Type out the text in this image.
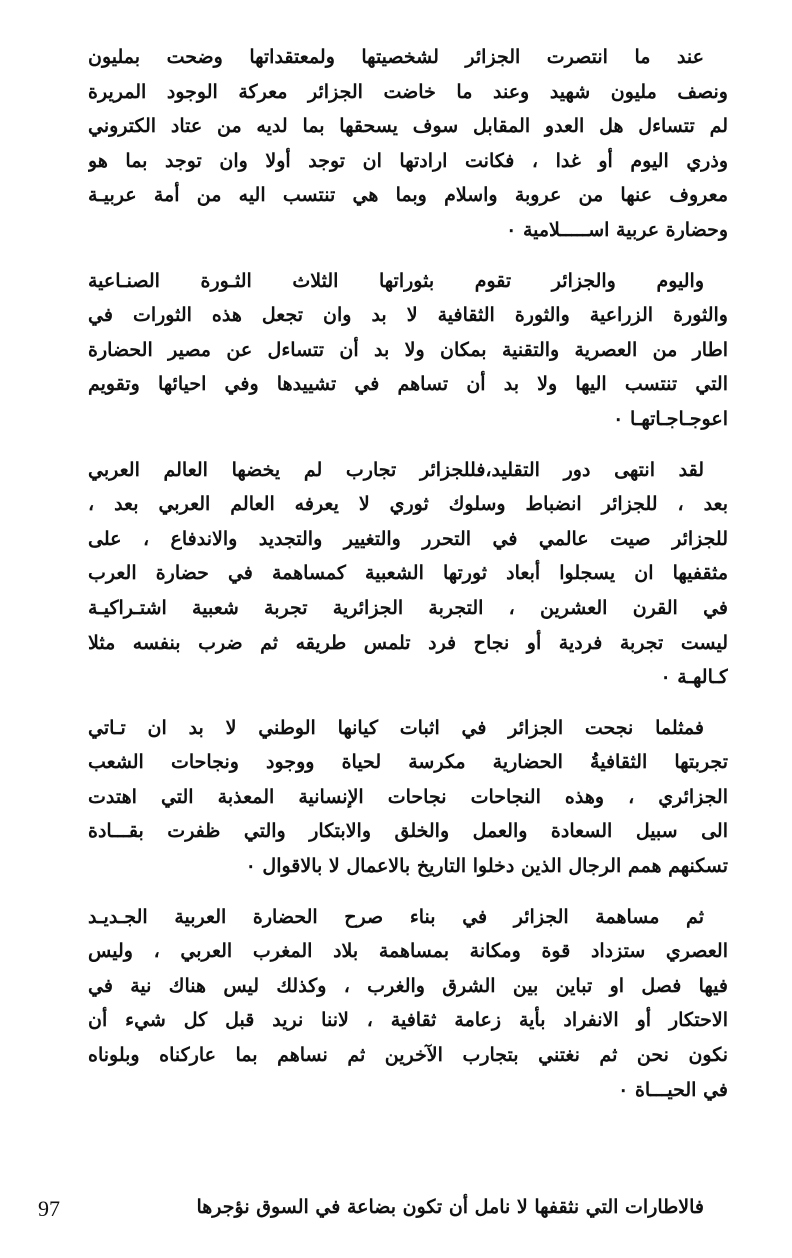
عند ما انتصرت الجزائر لشخصيتها ولمعتقداتها وضحت بمليون
ونصف مليون شهيد وعند ما خاضت الجزائر معركة الوجود المريرة
لم تتساءل هل العدو المقابل سوف يسحقها بما لديه من عتاد الكتروني
وذري اليوم أو غدا ، فكانت ارادتها ان توجد أولا وان توجد بما هو
معروف عنها من عروبة واسلام وبما هي تنتسب اليه من أمة عربيـة
وحضارة عربية اســـــلامية ٠
واليوم والجزائر تقوم بثوراتها الثلاث الثـورة الصنـاعية
والثورة الزراعية والثورة الثقافية لا بد وان تجعل هذه الثورات في
اطار من العصرية والتقنية بمكان ولا بد أن تتساءل عن مصير الحضارة
التي تنتسب اليها ولا بد أن تساهم في تشييدها وفي احيائها وتقويم
اعوجـاجـاتهـا ٠
لقد انتهى دور التقليد،فللجزائر تجارب لم يخضها العالم العربي
بعد ، للجزائر انضباط وسلوك ثوري لا يعرفه العالم العربي بعد ،
للجزائر صيت عالمي في التحرر والتغيير والتجديد والاندفاع ، على
مثقفيها ان يسجلوا أبعاد ثورتها الشعبية كمساهمة في حضارة العرب
في القرن العشرين ، التجربة الجزائرية تجربة شعبية اشتـراكيـة
ليست تجربة فردية أو نجاح فرد تلمس طريقه ثم ضرب بنفسه مثلا
كـالهـة ٠
فمثلما نجحت الجزائر في اثبات كيانها الوطني لا بد ان تـاتي
تجربتها الثقافيةُ الحضارية مكرسة لحياة ووجود ونجاحات الشعب
الجزائري ، وهذه النجاحات نجاحات الإنسانية المعذبة التي اهتدت
الى سبيل السعادة والعمل والخلق والابتكار والتي ظفرت بقـــادة
تسكنهم همم الرجال الذين دخلوا التاريخ بالاعمال لا بالاقوال ٠
ثم مساهمة الجزائر في بناء صرح الحضارة العربية الجـديـد
العصري ستزداد قوة ومكانة بمساهمة بلاد المغرب العربي ، وليس
فيها فصل او تباين بين الشرق والغرب ، وكذلك ليس هناك نية في
الاحتكار أو الانفراد بأية زعامة ثقافية ، لاننا نريد قبل كل شيء أن
نكون نحن ثم نغتني بتجارب الآخرين ثم نساهم بما عاركناه وبلوناه
في الحيـــاة ٠
فالاطارات التي نثقفها لا نامل أن تكون بضاعة في السوق نؤجرها
97
